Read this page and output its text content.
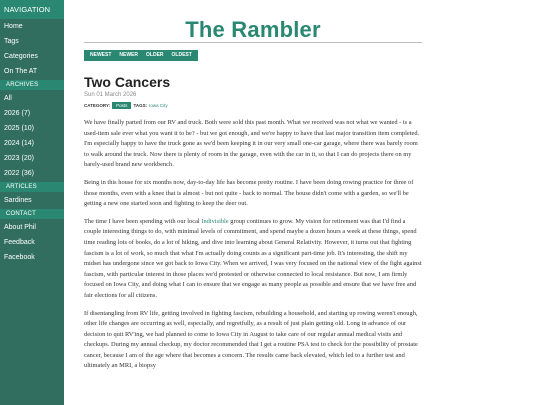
NAVIGATION
Home
Tags
Categories
On The AT
ARCHIVES
All
2026 (7)
2025 (10)
2024 (14)
2023 (20)
2022 (36)
ARTICLES
Sardines
CONTACT
About Phil
Feedback
Facebook
The Rambler
NEWEST	NEWER	OLDER	OLDEST
Two Cancers
Sun 01 March 2026
CATEGORY:	Posts	TAGS: Iowa City

We have finally parted from our RV and truck. Both were sold this past month. What we received was not what we wanted - is a used-item sale ever what you want it to be? - but we got enough, and we're happy to have that last major transition item completed. I'm especially happy to have the truck gone as we'd been keeping it in our very small one-car garage, where there was barely room to walk around the truck. Now there is plenty of room in the garage, even with the car in it, so that I can do projects there on my barely-used brand new workbench.

Being in this house for six months now, day-to-day life has become pretty routine. I have been doing rowing practice for three of those months, even with a knee that is almost - but not quite - back to normal. The house didn't come with a garden, so we'll be getting a new one started soon and fighting to keep the deer out.

The time I have been spending with our local Indivisible group continues to grow. My vision for retirement was that I'd find a couple interesting things to do, with minimal levels of commitment, and spend maybe a dozen hours a week at these things, spend time reading lots of books, do a lot of hiking, and dive into learning about General Relativity. However, it turns out that fighting fascism is a lot of work, so much that what I'm actually doing counts as a significant part-time job. It's interesting, the shift my midset has undergone since we got back to Iowa City. When we arrived, I was very focused on the national view of the fight against fascism, with particular interest in those places we'd protested or otherwise connected to local resistance. But now, I am firmly focused on Iowa City, and doing what I can to ensure that we engage as many people as possible and ensure that we have free and fair elections for all citizens.

If disentangling from RV life, getting involved in fighting fascism, rebuilding a household, and starting up rowing weren't enough, other life changes are occurring as well, especially, and regretfully, as a result of just plain getting old. Long in advance of our decision to quit RV'ing, we had planned to come to Iowa City in August to take care of our regular annual medical visits and checkups. During my annual checkup, my doctor recommended that I get a routine PSA test to check for the possibility of prostate cancer, because I am of the age where that becomes a concern. The results came back elevated, which led to a further test and ultimately an MRI, a biopsy
